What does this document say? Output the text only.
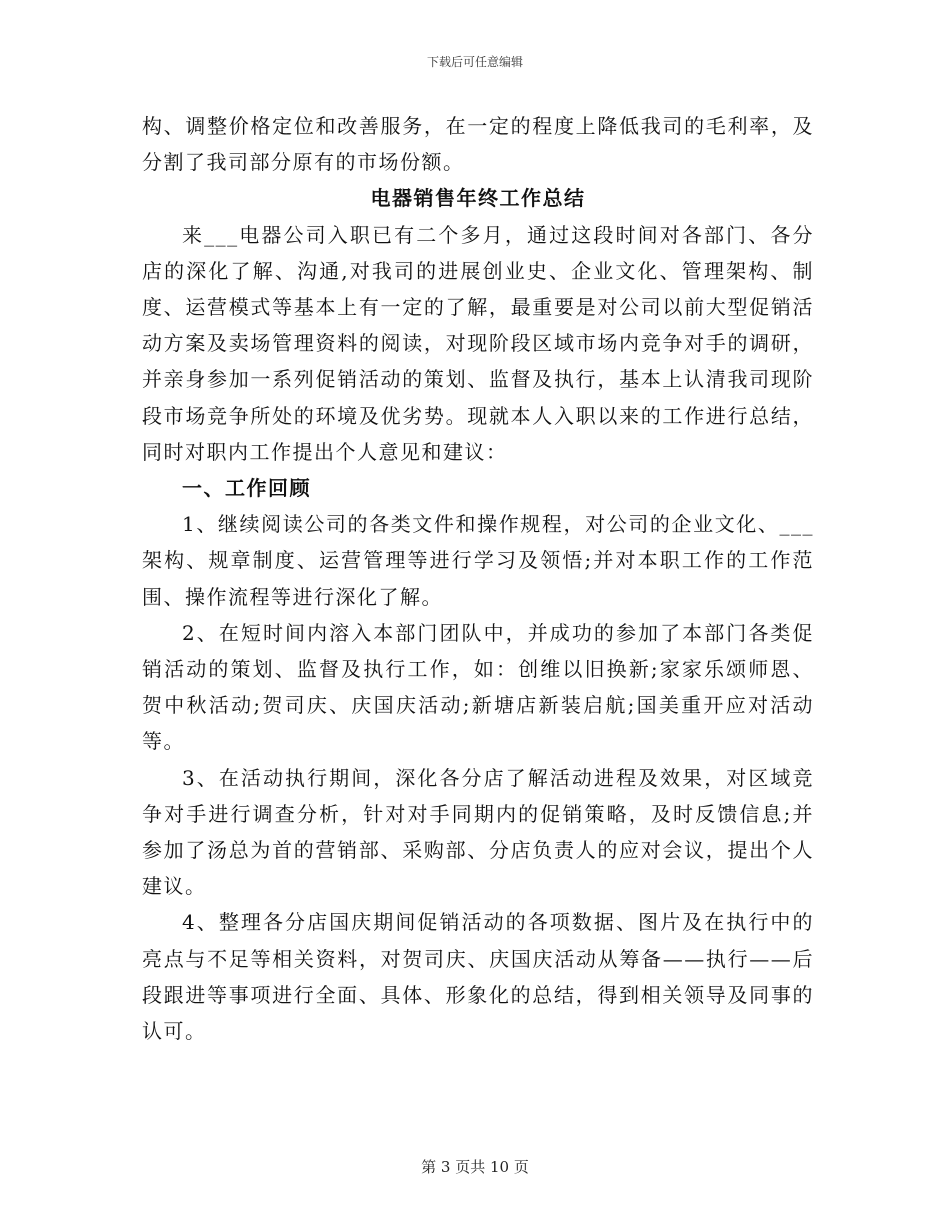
下载后可任意编辑

构、调整价格定位和改善服务，在一定的程度上降低我司的毛利率，及分割了我司部分原有的市场份额。

电器销售年终工作总结

来___电器公司入职已有二个多月，通过这段时间对各部门、各分店的深化了解、沟通,对我司的进展创业史、企业文化、管理架构、制度、运营模式等基本上有一定的了解，最重要是对公司以前大型促销活动方案及卖场管理资料的阅读，对现阶段区域市场内竞争对手的调研，并亲身参加一系列促销活动的策划、监督及执行，基本上认清我司现阶段市场竞争所处的环境及优劣势。现就本人入职以来的工作进行总结，同时对职内工作提出个人意见和建议：

一、工作回顾

1、继续阅读公司的各类文件和操作规程，对公司的企业文化、___架构、规章制度、运营管理等进行学习及领悟;并对本职工作的工作范围、操作流程等进行深化了解。

2、在短时间内溶入本部门团队中，并成功的参加了本部门各类促销活动的策划、监督及执行工作，如：创维以旧换新;家家乐颂师恩、贺中秋活动;贺司庆、庆国庆活动;新塘店新装启航;国美重开应对活动等。

3、在活动执行期间，深化各分店了解活动进程及效果，对区域竞争对手进行调查分析，针对对手同期内的促销策略，及时反馈信息;并参加了汤总为首的营销部、采购部、分店负责人的应对会议，提出个人建议。

4、整理各分店国庆期间促销活动的各项数据、图片及在执行中的亮点与不足等相关资料，对贺司庆、庆国庆活动从筹备——执行——后段跟进等事项进行全面、具体、形象化的总结，得到相关领导及同事的认可。

第 3 页共 10 页
